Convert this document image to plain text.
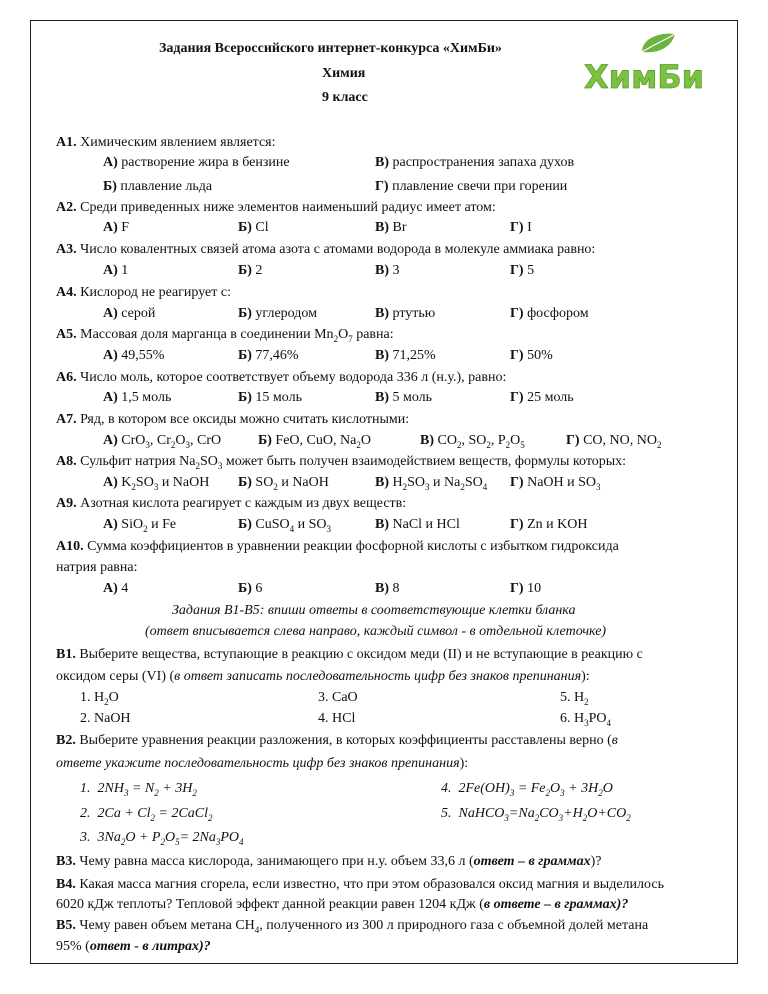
Задания Всероссийского интернет-конкурса «ХимБи»
Химия
9 класс
ХимБи
А1. Химическим явлением является:
А) растворение жира в бензине	В) распространения запаха духов
Б) плавление льда	Г) плавление свечи при горении
А2. Среди приведенных ниже элементов наименьший радиус имеет атом:
А) F	Б) Cl	В) Br	Г) I
А3. Число ковалентных связей атома азота с атомами водорода в молекуле аммиака равно:
А) 1	Б) 2	В) 3	Г) 5
А4. Кислород не реагирует с:
А) серой	Б) углеродом	В) ртутью	Г) фосфором
А5. Массовая доля марганца в соединении $Mn_2O_7$ равна:
А) 49,55%	Б) 77,46%	В) 71,25%	Г) 50%
А6. Число моль, которое соответствует объему водорода 336 л (н.у.), равно:
А) 1,5 моль	Б) 15 моль	В) 5 моль	Г) 25 моль
А7. Ряд, в котором все оксиды можно считать кислотными:
А) CrO$_3$, $Cr_2O_3$, CrO	Б) FeO, CuO, $Na_2O$	В) $CO_2$, $SO_2$, $P_2O_5$	Г) CO, NO, $NO_2$
А8. Сульфит натрия $Na_2SO_3$ может быть получен взаимодействием веществ, формулы которых:
А) $K_2SO_3$ и NaOH Б) $SO_2$ и NaOH	В) $H_2SO_3$ и $Na_2SO_4$ Г) NaOH и $SO_3$
А9. Азотная кислота реагирует с каждым из двух веществ:
А) SiO$_2$ и Fe	Б) CuSO$_4$ и $SO_3$	В) NaCl и HCl	Г) Zn и KOH
А10. Сумма коэффициентов в уравнении реакции фосфорной кислоты с избытком гидроксида
натрия равна:
А) 4	Б) 6	В) 8	Г) 10
Задания В1-В5: впиши ответы в соответствующие клетки бланка
(ответ вписывается слева направо, каждый символ - в отдельной клеточке)
В1. Выберите вещества, вступающие в реакцию с оксидом меди (II) и не вступающие в реакцию с
оксидом серы (VI) (в ответ записать последовательность цифр без знаков препинания):
1. $H_2O$	3. CaO	5. $H_2$
2. NaOH	4. HCl	6. $H_3PO_4$
В2. Выберите уравнения реакции разложения, в которых коэффициенты расставлены верно (в
ответе укажите последовательность цифр без знаков препинания):
1.  $2NH_3 = N_2 + 3H_2$	4.  $2Fe(OH)_3 = Fe_2O_3 + 3H_2O$
2.  $2Ca + Cl_2$ = 2CaCl$_2$	5.  $NaHCO_3=Na_2CO_3+H_2O+CO_2$
3.  $3Na_2O + P_2O_5= 2Na_3PO_4$
В3. Чему равна масса кислорода, занимающего при н.у. объем 33,6 л (ответ – в граммах)?
В4. Какая масса магния сгорела, если известно, что при этом образовался оксид магния и выделилось
6020 кДж теплоты? Тепловой эффект данной реакции равен 1204 кДж (в ответе – в граммах)?
В5. Чему равен объем метана $CH_4$, полученного из 300 л природного газа с объемной долей метана
95% (ответ - в литрах)?
